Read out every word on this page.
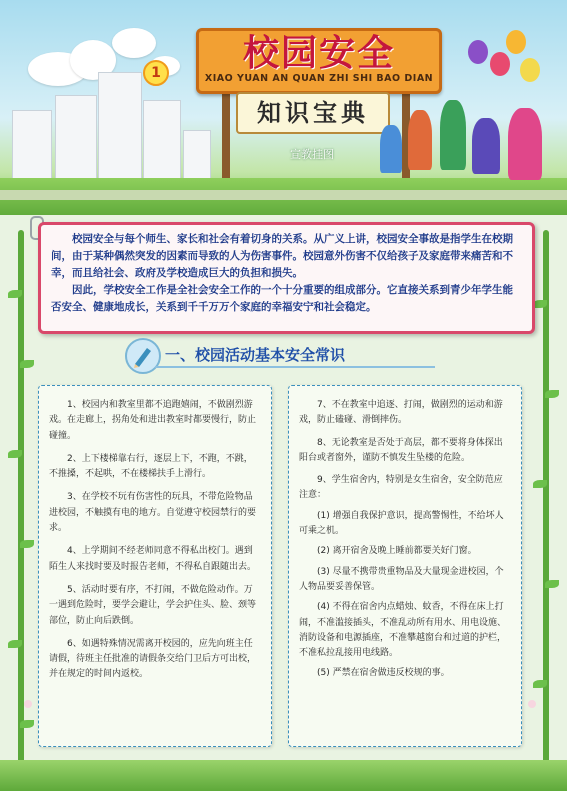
1	校园安全
XIAO YUAN AN QUAN ZHI SHI BAO DIAN
知识宝典
宣教挂图

校园安全与每个师生、家长和社会有着切身的关系。从广义上讲，校园安全事故是指学生在校期间，由于某种偶然突发的因素而导致的人为伤害事件。校园意外伤害不仅给孩子及家庭带来痛苦和不幸，而且给社会、政府及学校造成巨大的负担和损失。

因此，学校安全工作是全社会安全工作的一个十分重要的组成部分。它直接关系到青少年学生能否安全、健康地成长，关系到千千万万个家庭的幸福安宁和社会稳定。

一、校园活动基本安全常识

1、校园内和教室里都不追跑嬉闹，不做剧烈游戏。在走廊上，拐角处和进出教室时都要慢行，防止碰撞。

2、上下楼梯靠右行，逐层上下，不跑，不跳，不推搡，不起哄，不在楼梯扶手上滑行。

3、在学校不玩有伤害性的玩具，不带危险物品进校园，不触摸有电的地方。自觉遵守校园禁行的要求。

4、上学期间不经老师同意不得私出校门。遇到陌生人来找时要及时报告老师，不得私自跟随出去。

5、活动时要有序，不打闹，不做危险动作。万一遇到危险时，要学会避让，学会护住头、脸、颈等部位，防止向后跌倒。

6、如遇特殊情况需离开校园的，应先向班主任请假，待班主任批准的请假条交给门卫后方可出校，并在规定的时间内返校。

7、不在教室中追逐、打闹，做剧烈的运动和游戏，防止磕碰、滑倒摔伤。

8、无论教室是否处于高层，都不要将身体探出阳台或者窗外，谨防不慎发生坠楼的危险。

9、学生宿舍内，特别是女生宿舍，安全防范应注意：

(1) 增强自我保护意识，提高警惕性，不给坏人可乘之机。

(2) 离开宿舍及晚上睡前都要关好门窗。

(3) 尽量不携带贵重物品及大量现金进校园，个人物品要妥善保管。

(4) 不得在宿舍内点蜡烛、蚊香，不得在床上打闹，不准滥接插头，不准乱动所有用水、用电设施、消防设备和电源插座，不准攀越窗台和过道的护栏，不准私拉乱接用电线路。

(5) 严禁在宿舍做违反校规的事。
